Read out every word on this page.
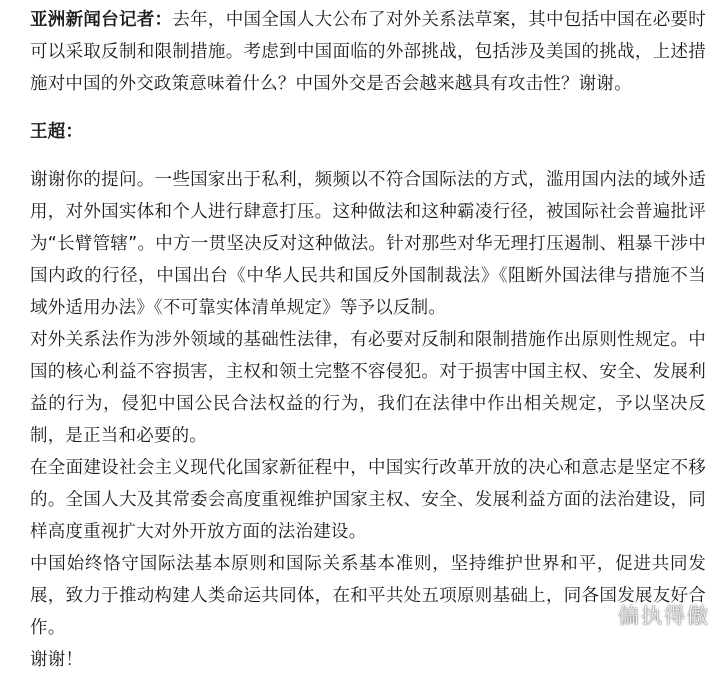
亚洲新闻台记者：去年，中国全国人大公布了对外关系法草案，其中包括中国在必要时可以采取反制和限制措施。考虑到中国面临的外部挑战，包括涉及美国的挑战，上述措施对中国的外交政策意味着什么？中国外交是否会越来越具有攻击性？谢谢。

王超：

谢谢你的提问。一些国家出于私利，频频以不符合国际法的方式，滥用国内法的域外适用，对外国实体和个人进行肆意打压。这种做法和这种霸凌行径，被国际社会普遍批评为“长臂管辖”。中方一贯坚决反对这种做法。针对那些对华无理打压遏制、粗暴干涉中国内政的行径，中国出台《中华人民共和国反外国制裁法》《阻断外国法律与措施不当域外适用办法》《不可靠实体清单规定》等予以反制。

对外关系法作为涉外领域的基础性法律，有必要对反制和限制措施作出原则性规定。中国的核心利益不容损害，主权和领土完整不容侵犯。对于损害中国主权、安全、发展利益的行为，侵犯中国公民合法权益的行为，我们在法律中作出相关规定，予以坚决反制，是正当和必要的。

在全面建设社会主义现代化国家新征程中，中国实行改革开放的决心和意志是坚定不移的。全国人大及其常委会高度重视维护国家主权、安全、发展利益方面的法治建设，同样高度重视扩大对外开放方面的法治建设。

中国始终恪守国际法基本原则和国际关系基本准则，坚持维护世界和平，促进共同发展，致力于推动构建人类命运共同体，在和平共处五项原则基础上，同各国发展友好合作。

谢谢！

偏执得傲
